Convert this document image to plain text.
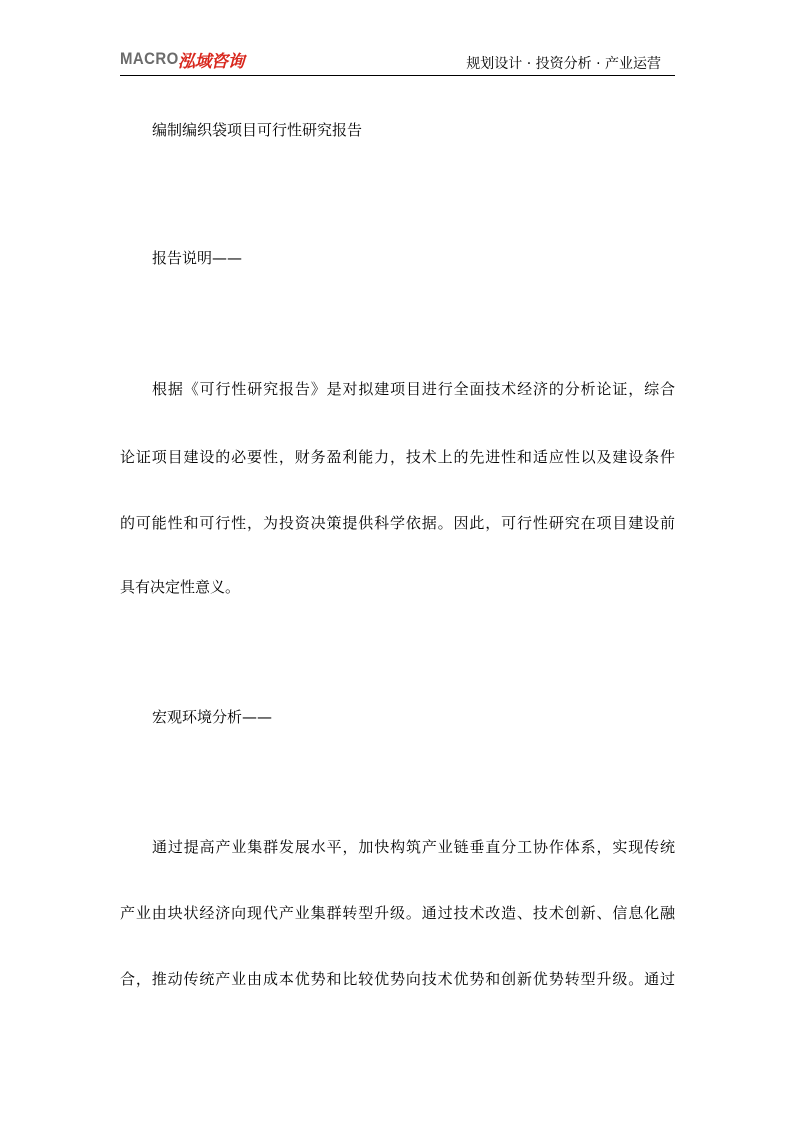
MACRO 泓域咨询	规划设计 · 投资分析 · 产业运营
编制编织袋项目可行性研究报告
报告说明——
根据《可行性研究报告》是对拟建项目进行全面技术经济的分析论证，综合
论证项目建设的必要性，财务盈利能力，技术上的先进性和适应性以及建设条件
的可能性和可行性，为投资决策提供科学依据。因此，可行性研究在项目建设前
具有决定性意义。
宏观环境分析——
通过提高产业集群发展水平，加快构筑产业链垂直分工协作体系，实现传统
产业由块状经济向现代产业集群转型升级。通过技术改造、技术创新、信息化融
合，推动传统产业由成本优势和比较优势向技术优势和创新优势转型升级。通过
